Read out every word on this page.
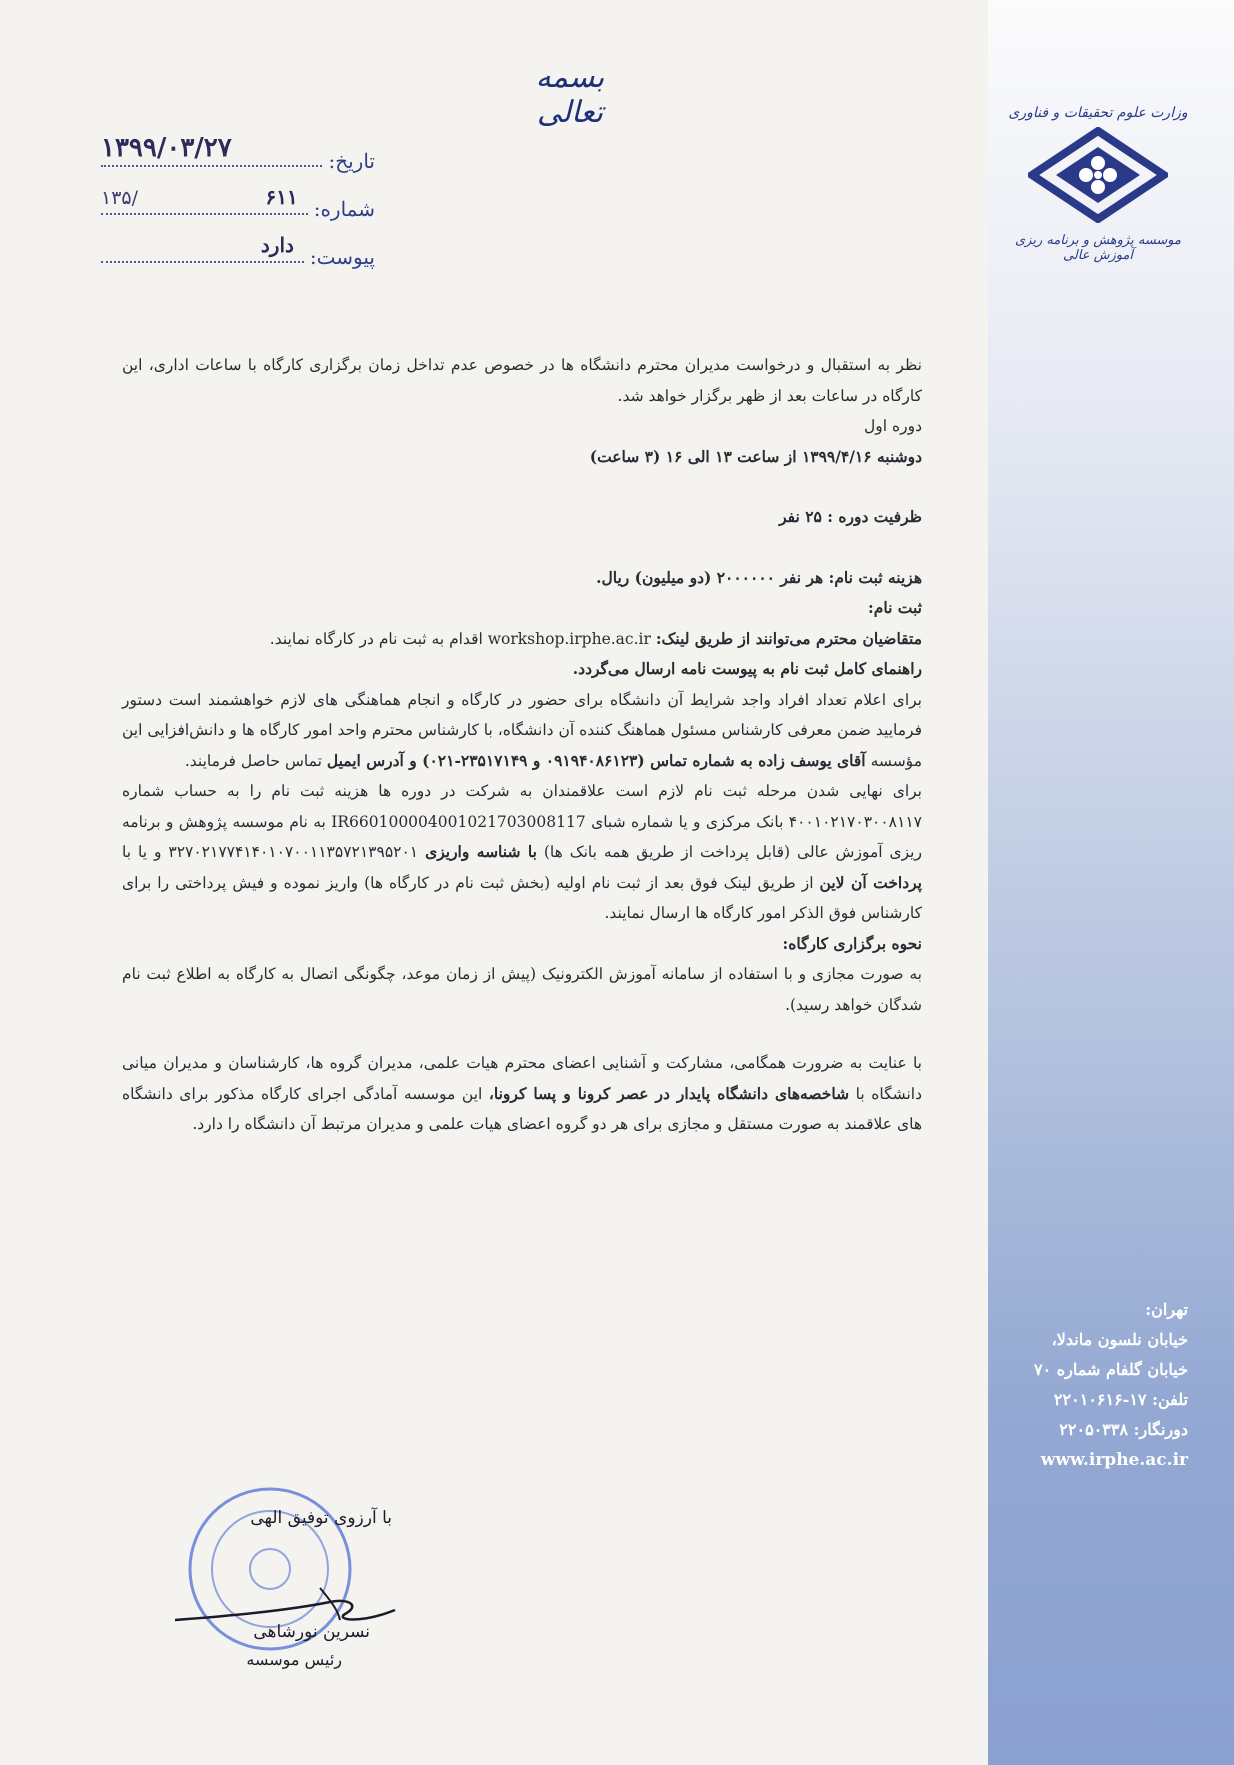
بسمه تعالی	وزارت علوم تحقیقات و فناوری
موسسه پژوهش و برنامه ریزی آموزش عالی
تاریخ:
۱۳۹۹/۰۳/۲۷
شماره:
۶۱۱
۱۳۵/
پیوست:
دارد

نظر به استقبال و درخواست مدیران محترم دانشگاه ها در خصوص عدم تداخل زمان برگزاری کارگاه با ساعات اداری، این کارگاه در ساعات بعد از ظهر برگزار خواهد شد.

دوره اول

دوشنبه ۱۳۹۹/۴/۱۶ از ساعت ۱۳ الی ۱۶ (۳ ساعت)

ظرفیت دوره : ۲۵ نفر

هزینه ثبت نام: هر نفر ۲۰۰۰۰۰۰ (دو میلیون) ریال.

ثبت نام:

متقاضیان محترم می‌توانند از طریق لینک: workshop.irphe.ac.ir اقدام به ثبت نام در کارگاه نمایند.

راهنمای کامل ثبت نام به پیوست نامه ارسال می‌گردد.

برای اعلام تعداد افراد واجد شرایط آن دانشگاه برای حضور در کارگاه و انجام هماهنگی های لازم خواهشمند است دستور فرمایید ضمن معرفی کارشناس مسئول هماهنگ کننده آن دانشگاه، با کارشناس محترم واحد امور کارگاه ها و دانش‌افزایی این مؤسسه آقای یوسف زاده به شماره تماس (۰۹۱۹۴۰۸۶۱۲۳ و ۲۳۵۱۷۱۴۹-۰۲۱) و آدرس ایمیل تماس حاصل فرمایند.

برای نهایی شدن مرحله ثبت نام لازم است علاقمندان به شرکت در دوره ها هزینه ثبت نام را به حساب شماره ۴۰۰۱۰۲۱۷۰۳۰۰۸۱۱۷ بانک مرکزی و یا شماره شبای IR660100004001021703008117 به نام موسسه پژوهش و برنامه ریزی آموزش عالی (قابل پرداخت از طریق همه بانک ها) با شناسه واریزی ۳۲۷۰۲۱۷۷۴۱۴۰۱۰۷۰۰۱۱۳۵۷۲۱۳۹۵۲۰۱ و یا با پرداخت آن لاین از طریق لینک فوق بعد از ثبت نام اولیه (بخش ثبت نام در کارگاه ها) واریز نموده و فیش پرداختی را برای کارشناس فوق الذکر امور کارگاه ها ارسال نمایند.

نحوه برگزاری کارگاه:

به صورت مجازی و با استفاده از سامانه آموزش الکترونیک (پیش از زمان موعد، چگونگی اتصال به کارگاه به اطلاع ثبت نام شدگان خواهد رسید).

با عنایت به ضرورت همگامی، مشارکت و آشنایی اعضای محترم هیات علمی، مدیران گروه ها، کارشناسان و مدیران میانی دانشگاه با شاخصه‌های دانشگاه پایدار در عصر کرونا و پسا کرونا، این موسسه آمادگی اجرای کارگاه مذکور برای دانشگاه های علاقمند به صورت مستقل و مجازی برای هر دو گروه اعضای هیات علمی و مدیران مرتبط آن دانشگاه را دارد.

با آرزوی توفیق الهی
نسرین نورشاهی
رئیس موسسه
تهران:
خیابان نلسون ماندلا،
خیابان گلفام شماره ۷۰
تلفن: ۱۷-۲۲۰۱۰۶۱۶
دورنگار: ۲۲۰۵۰۳۳۸
www.irphe.ac.ir
